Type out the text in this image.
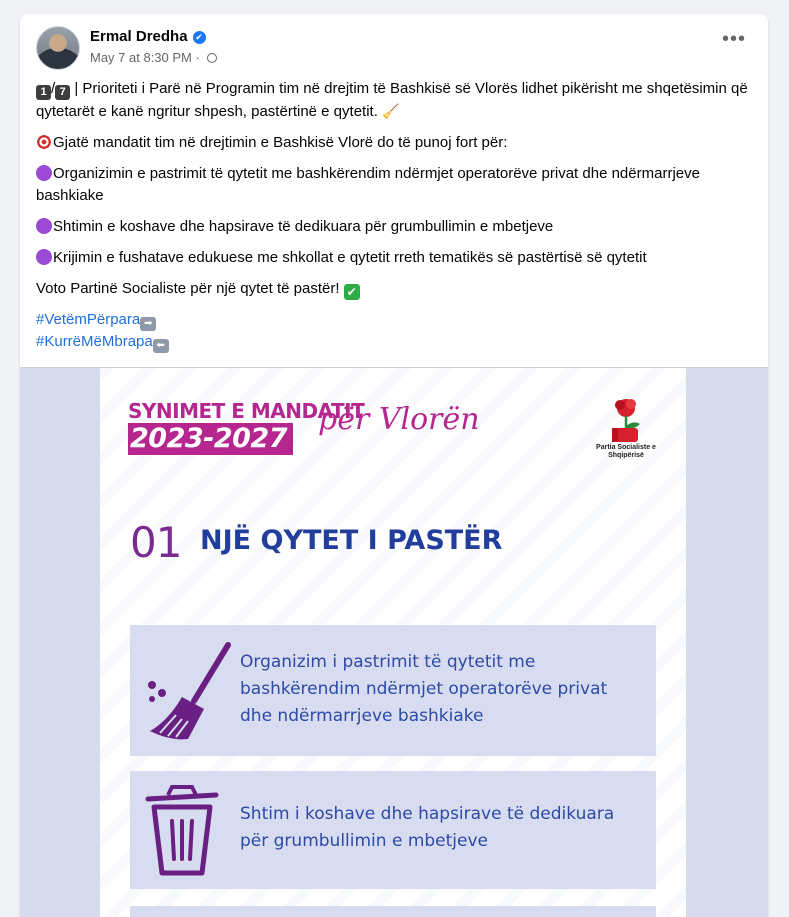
Ermal Dredha ✔
May 7 at 8:30 PM ·
•••

1 / 7 | Prioriteti i Parë në Programin tim në drejtim të Bashkisë së Vlorës lidhet pikërisht me shqetësimin që qytetarët e kanë ngritur shpesh, pastërtinë e qytetit. 🧹

Gjatë mandatit tim në drejtimin e Bashkisë Vlorë do të punoj fort për:

Organizimin e pastrimit të qytetit me bashkërendim ndërmjet operatorëve privat dhe ndërmarrjeve bashkiake

Shtimin e koshave dhe hapsirave të dedikuara për grumbullimin e mbetjeve

Krijimin e fushatave edukuese me shkollat e qytetit rreth tematikës së pastërtisë së qytetit

Voto Partinë Socialiste për një qytet të pastër! ✔

#VetëmPërpara ➡
#KurrëMëMbrapa ⬅
SYNIMET E MANDATIT
2023-2027
për Vlorën
Partia Socialiste e Shqipërisë
01 NJË QYTET I PASTËR
Organizim i pastrimit të qytetit me bashkërendim ndërmjet operatorëve privat dhe ndërmarrjeve bashkiake
Shtim i koshave dhe hapsirave të dedikuara për grumbullimin e mbetjeve
